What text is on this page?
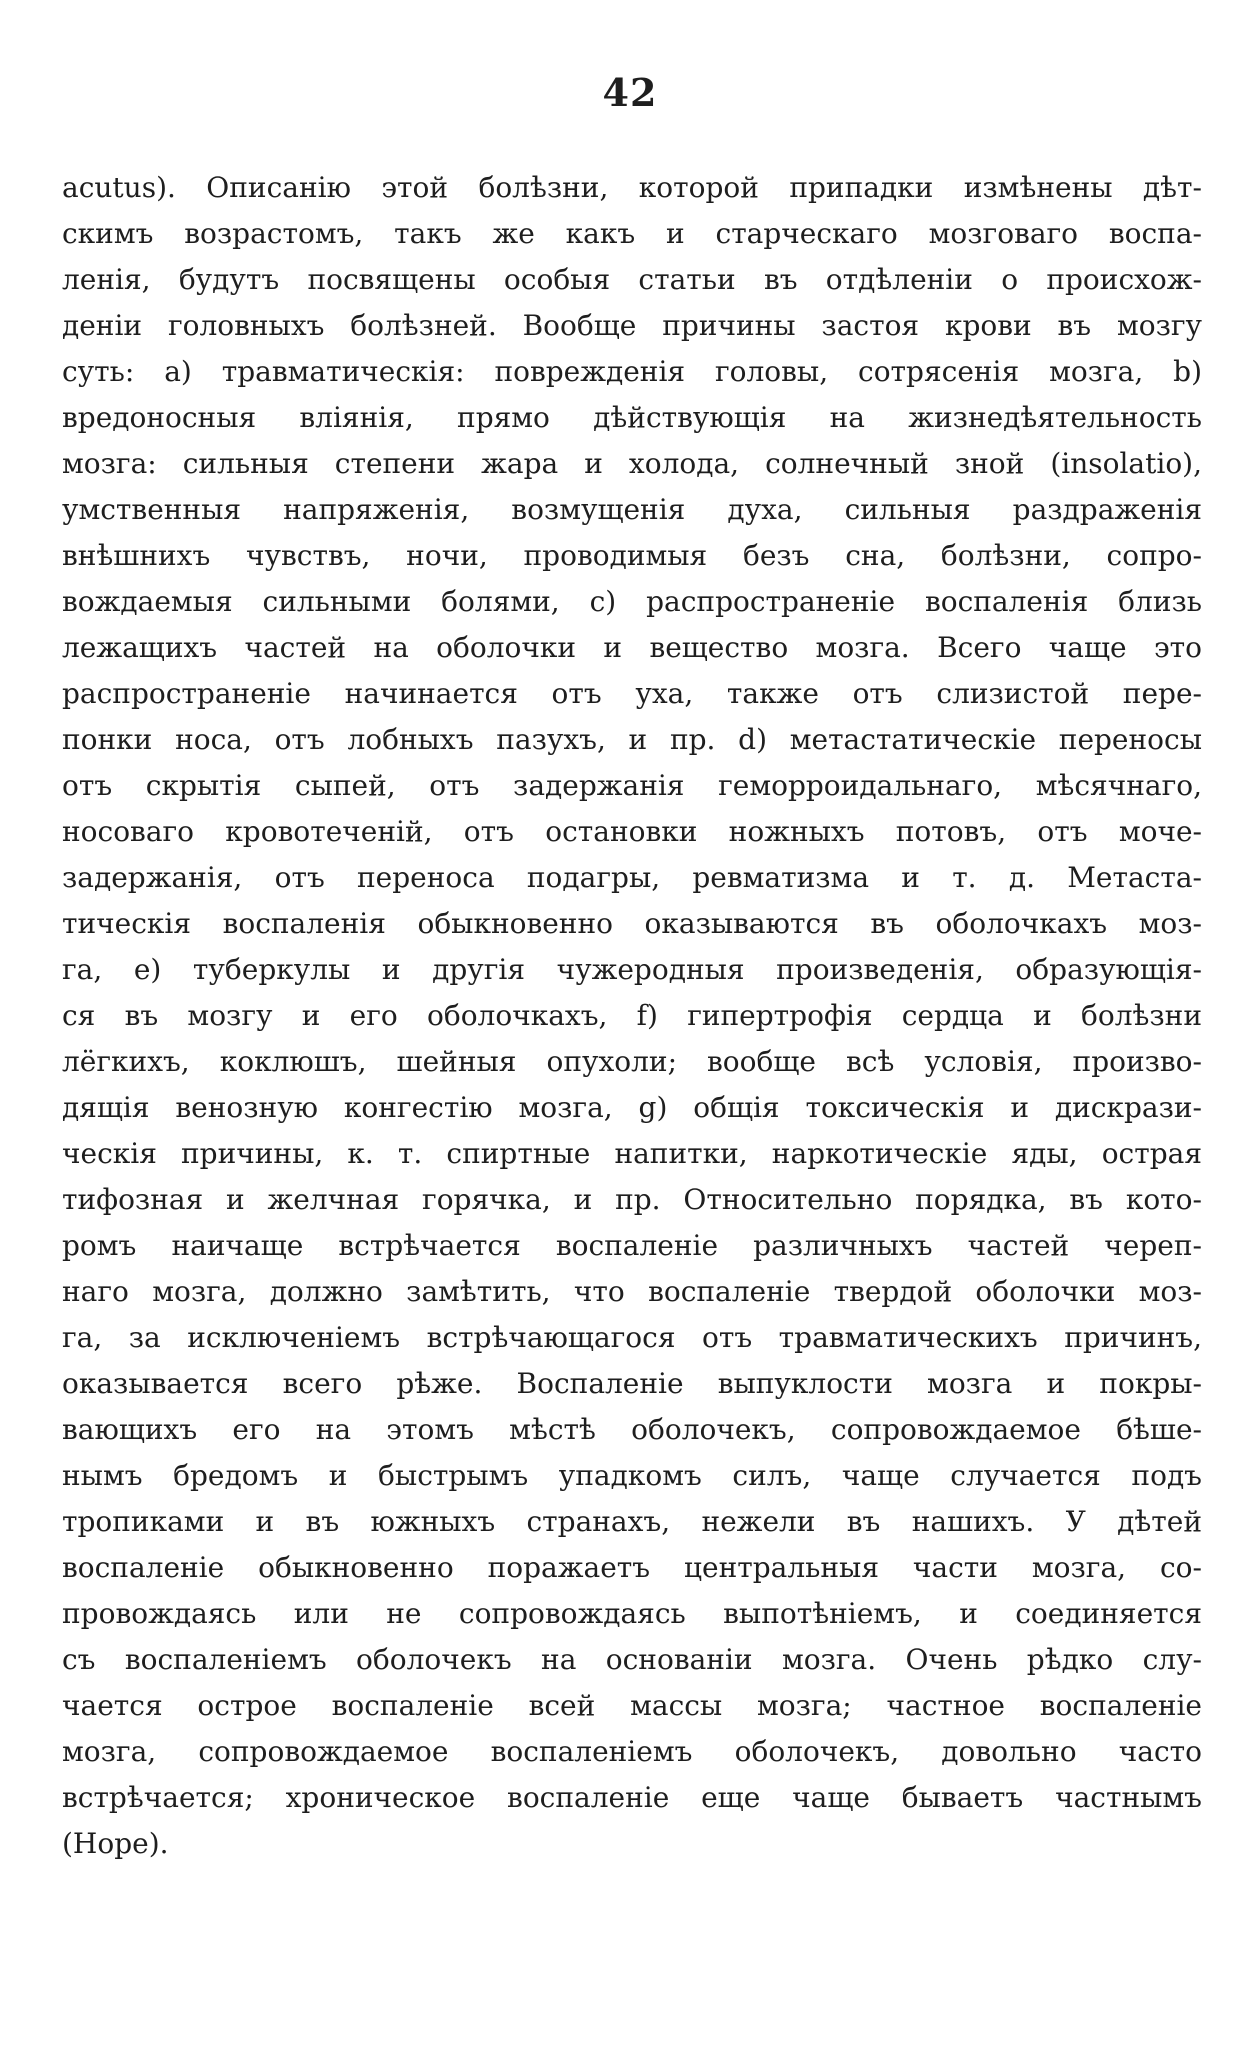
42
acutus). Описанію этой болѣзни, которой припадки измѣнены дѣт-
скимъ возрастомъ, такъ же какъ и старческаго мозговаго воспа-
ленія, будутъ посвящены особыя статьи въ отдѣленіи о происхож-
деніи головныхъ болѣзней. Вообще причины застоя крови въ мозгу
суть: a) травматическія: поврежденія головы, сотрясенія мозга, b)
вредоносныя вліянія, прямо дѣйствующія на жизнедѣятельность
мозга: сильныя степени жара и холода, солнечный зной (insolatio),
умственныя напряженія, возмущенія духа, сильныя раздраженія
внѣшнихъ чувствъ, ночи, проводимыя безъ сна, болѣзни, сопро-
вождаемыя сильными болями, c) распространеніе воспаленія близь
лежащихъ частей на оболочки и вещество мозга. Всего чаще это
распространеніе начинается отъ уха, также отъ слизистой пере-
понки носа, отъ лобныхъ пазухъ, и пр. d) метастатическіе переносы
отъ скрытія сыпей, отъ задержанія геморроидальнаго, мѣсячнаго,
носоваго кровотеченій, отъ остановки ножныхъ потовъ, отъ моче-
задержанія, отъ переноса подагры, ревматизма и т. д. Метаста-
тическія воспаленія обыкновенно оказываются въ оболочкахъ моз-
га, e) туберкулы и другія чужеродныя произведенія, образующія-
ся въ мозгу и его оболочкахъ, f) гипертрофія сердца и болѣзни
лёгкихъ, коклюшъ, шейныя опухоли; вообще всѣ условія, произво-
дящія венозную конгестію мозга, g) общія токсическія и дискрази-
ческія причины, к. т. спиртные напитки, наркотическіе яды, острая
тифозная и желчная горячка, и пр. Относительно порядка, въ кото-
ромъ наичаще встрѣчается воспаленіе различныхъ частей череп-
наго мозга, должно замѣтить, что воспаленіе твердой оболочки моз-
га, за исключеніемъ встрѣчающагося отъ травматическихъ причинъ,
оказывается всего рѣже. Воспаленіе выпуклости мозга и покры-
вающихъ его на этомъ мѣстѣ оболочекъ, сопровождаемое бѣше-
нымъ бредомъ и быстрымъ упадкомъ силъ, чаще случается подъ
тропиками и въ южныхъ странахъ, нежели въ нашихъ. У дѣтей
воспаленіе обыкновенно поражаетъ центральныя части мозга, со-
провождаясь или не сопровождаясь выпотѣніемъ, и соединяется
съ воспаленіемъ оболочекъ на основаніи мозга. Очень рѣдко слу-
чается острое воспаленіе всей массы мозга; частное воспаленіе
мозга, сопровождаемое воспаленіемъ оболочекъ, довольно часто
встрѣчается; хроническое воспаленіе еще чаще бываетъ частнымъ
(Hope).
